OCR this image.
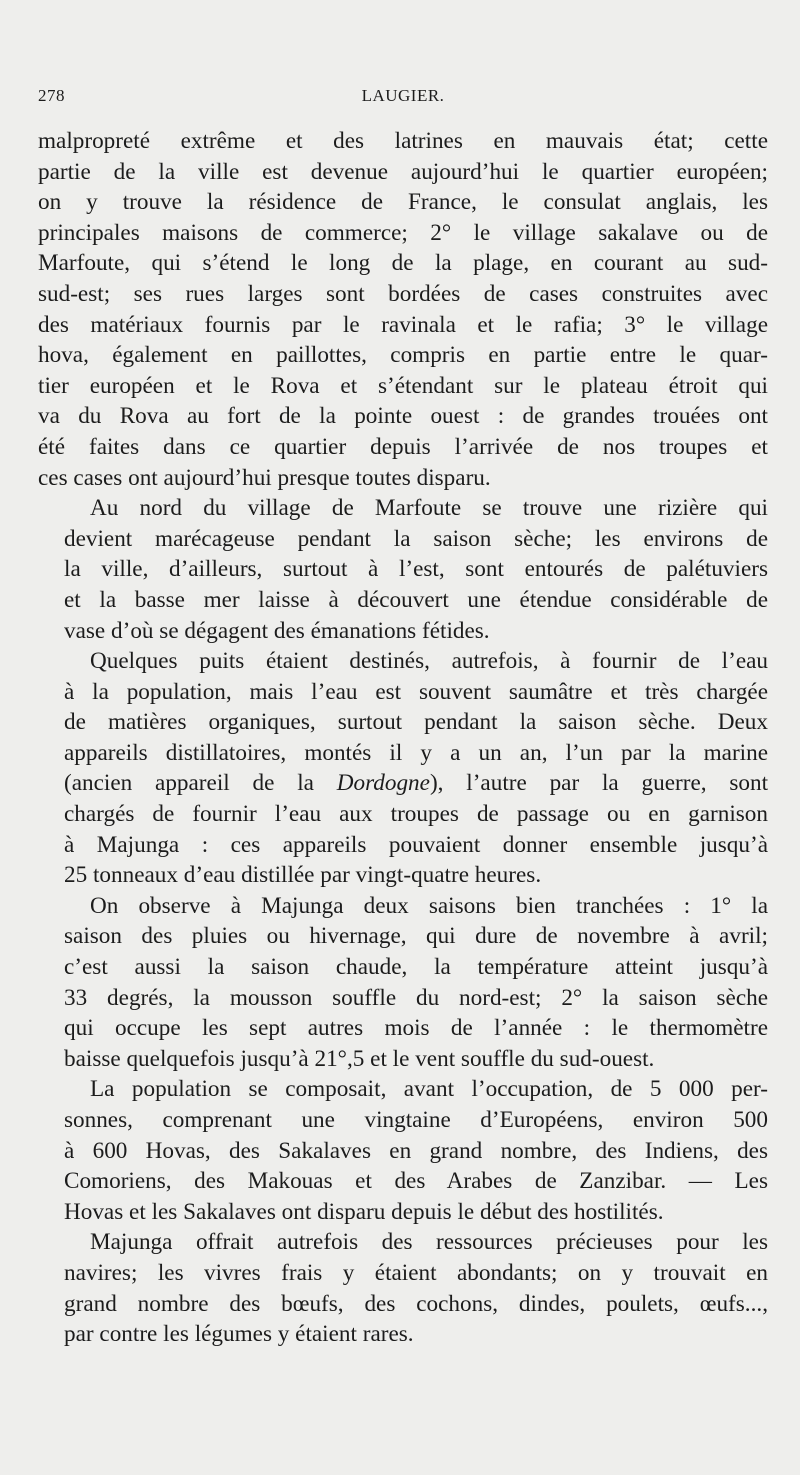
278	LAUGIER.

malpropreté extrême et des latrines en mauvais état; cette
partie de la ville est devenue aujourd’hui le quartier européen;
on y trouve la résidence de France, le consulat anglais, les
principales maisons de commerce; 2° le village sakalave ou de
Marfoute, qui s’étend le long de la plage, en courant au sud-
sud-est; ses rues larges sont bordées de cases construites avec
des matériaux fournis par le ravinala et le rafia; 3° le village
hova, également en paillottes, compris en partie entre le quar-
tier européen et le Rova et s’étendant sur le plateau étroit qui
va du Rova au fort de la pointe ouest : de grandes trouées ont
été faites dans ce quartier depuis l’arrivée de nos troupes et
ces cases ont aujourd’hui presque toutes disparu.

Au nord du village de Marfoute se trouve une rizière qui
devient marécageuse pendant la saison sèche; les environs de
la ville, d’ailleurs, surtout à l’est, sont entourés de palétuviers
et la basse mer laisse à découvert une étendue considérable de
vase d’où se dégagent des émanations fétides.

Quelques puits étaient destinés, autrefois, à fournir de l’eau
à la population, mais l’eau est souvent saumâtre et très chargée
de matières organiques, surtout pendant la saison sèche. Deux
appareils distillatoires, montés il y a un an, l’un par la marine
(ancien appareil de la Dordogne), l’autre par la guerre, sont
chargés de fournir l’eau aux troupes de passage ou en garnison
à Majunga : ces appareils pouvaient donner ensemble jusqu’à
25 tonneaux d’eau distillée par vingt-quatre heures.

On observe à Majunga deux saisons bien tranchées : 1° la
saison des pluies ou hivernage, qui dure de novembre à avril;
c’est aussi la saison chaude, la température atteint jusqu’à
33 degrés, la mousson souffle du nord-est; 2° la saison sèche
qui occupe les sept autres mois de l’année : le thermomètre
baisse quelquefois jusqu’à 21°,5 et le vent souffle du sud-ouest.

La population se composait, avant l’occupation, de 5 000 per-
sonnes, comprenant une vingtaine d’Européens, environ 500
à 600 Hovas, des Sakalaves en grand nombre, des Indiens, des
Comoriens, des Makouas et des Arabes de Zanzibar. — Les
Hovas et les Sakalaves ont disparu depuis le début des hostilités.

Majunga offrait autrefois des ressources précieuses pour les
navires; les vivres frais y étaient abondants; on y trouvait en
grand nombre des bœufs, des cochons, dindes, poulets, œufs...,
par contre les légumes y étaient rares.
